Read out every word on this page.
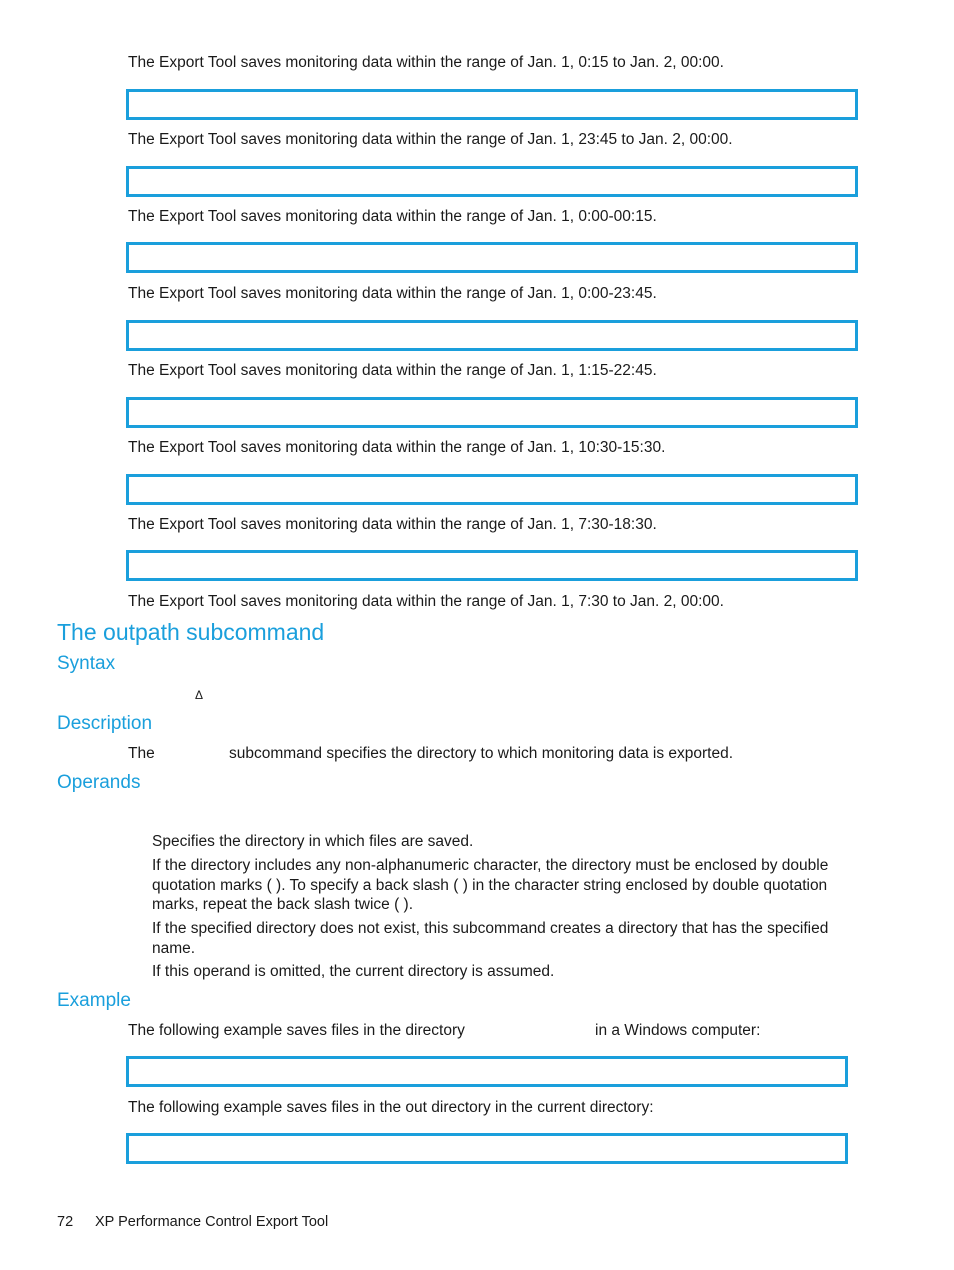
The Export Tool saves monitoring data within the range of Jan. 1, 0:15 to Jan. 2, 00:00.
The Export Tool saves monitoring data within the range of Jan. 1, 23:45 to Jan. 2, 00:00.
The Export Tool saves monitoring data within the range of Jan. 1, 0:00-00:15.
The Export Tool saves monitoring data within the range of Jan. 1, 0:00-23:45.
The Export Tool saves monitoring data within the range of Jan. 1, 1:15-22:45.
The Export Tool saves monitoring data within the range of Jan. 1, 10:30-15:30.
The Export Tool saves monitoring data within the range of Jan. 1, 7:30-18:30.
The Export Tool saves monitoring data within the range of Jan. 1, 7:30 to Jan. 2, 00:00.
The outpath subcommand
Syntax
Δ
Description
The	subcommand specifies the directory to which monitoring data is exported.
Operands
Specifies the directory in which files are saved.
If the directory includes any non-alphanumeric character, the directory must be enclosed by double quotation marks ( ). To specify a back slash ( ) in the character string enclosed by double quotation marks, repeat the back slash twice ( ).
If the specified directory does not exist, this subcommand creates a directory that has the specified name.
If this operand is omitted, the current directory is assumed.
Example
The following example saves files in the directory	in a Windows computer:
The following example saves files in the out directory in the current directory:
72 XP Performance Control Export Tool
